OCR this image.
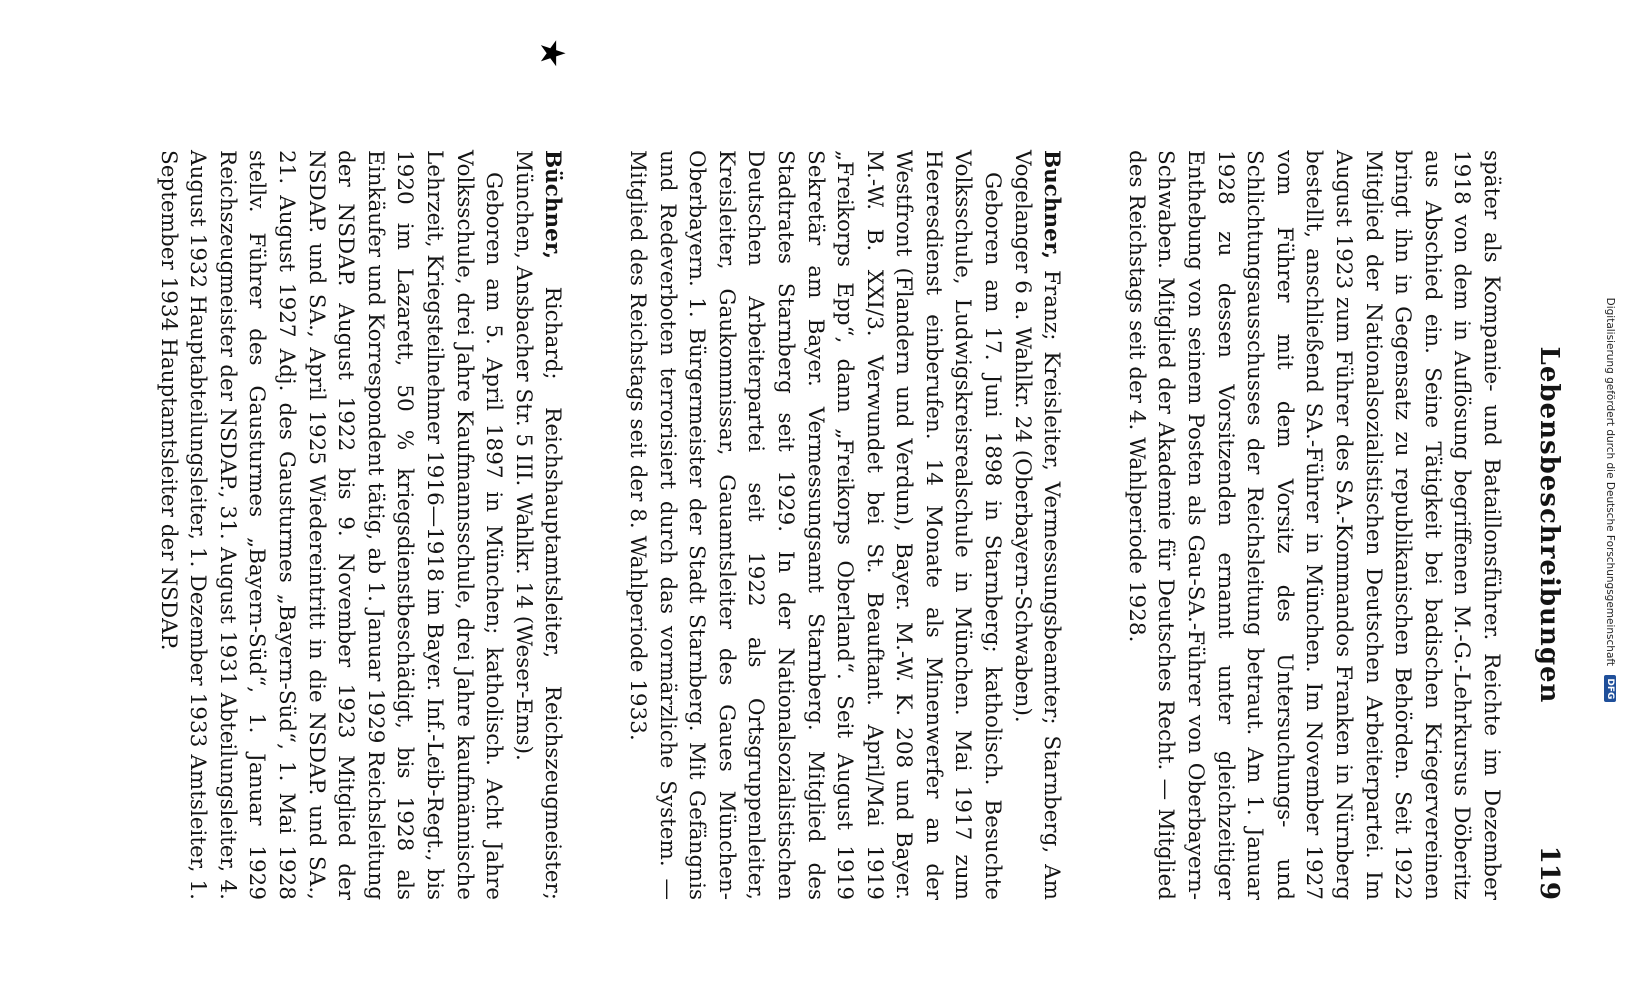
Digitalisierung gefördert durch die Deutsche Forschungsgemeinschaft DFG
Lebensbeschreibungen
119

später als Kompanie- und Bataillonsführer. Reichte im Dezember 1918 von dem in Auflösung begriffenen M.-G.-Lehrkursus Döberitz aus Abschied ein. Seine Tätigkeit bei badischen Kriegervereinen bringt ihn in Gegensatz zu republikanischen Behörden. Seit 1922 Mitglied der Nationalsozialistischen Deutschen Arbeiterpartei. Im August 1923 zum Führer des SA.-Kommandos Franken in Nürnberg bestellt, anschließend SA.-Führer in München. Im November 1927 vom Führer mit dem Vorsitz des Untersuchungs- und Schlichtungsausschusses der Reichsleitung betraut. Am 1. Januar 1928 zu dessen Vorsitzenden ernannt unter gleichzeitiger Enthebung von seinem Posten als Gau-SA.-Führer von Oberbayern-Schwaben. Mitglied der Akademie für Deutsches Recht. — Mitglied des Reichstags seit der 4. Wahlperiode 1928.

Buchner, Franz; Kreisleiter, Vermessungsbeamter; Starnberg, Am Vogelanger 6 a. Wahlkr. 24 (Oberbayern-Schwaben).

Geboren am 17. Juni 1898 in Starnberg; katholisch. Besuchte Volksschule, Ludwigskreisrealschule in München. Mai 1917 zum Heeresdienst einberufen. 14 Monate als Minenwerfer an der Westfront (Flandern und Verdun), Bayer. M.-W. K. 208 und Bayer. M.-W. B. XXI/3. Verwundet bei St. Beauftant. April/Mai 1919 „Freikorps Epp“, dann „Freikorps Oberland“. Seit August 1919 Sekretär am Bayer. Vermessungsamt Starnberg. Mitglied des Stadtrates Starnberg seit 1929. In der Nationalsozialistischen Deutschen Arbeiterpartei seit 1922 als Ortsgruppenleiter, Kreisleiter, Gaukommissar, Gauamtsleiter des Gaues München-Oberbayern. 1. Bürgermeister der Stadt Starnberg. Mit Gefängnis und Redeverboten terrorisiert durch das vormärzliche System. — Mitglied des Reichstags seit der 8. Wahlperiode 1933.

★

Büchner, Richard; Reichshauptamtsleiter, Reichszeugmeister; München, Ansbacher Str. 5 III. Wahlkr. 14 (Weser-Ems).

Geboren am 5. April 1897 in München; katholisch. Acht Jahre Volksschule, drei Jahre Kaufmannsschule, drei Jahre kaufmännische Lehrzeit, Kriegsteilnehmer 1916—1918 im Bayer. Inf.-Leib-Regt., bis 1920 im Lazarett, 50 % kriegsdienstbeschädigt, bis 1928 als Einkäufer und Korrespondent tätig, ab 1. Januar 1929 Reichsleitung der NSDAP. August 1922 bis 9. November 1923 Mitglied der NSDAP. und SA., April 1925 Wiedereintritt in die NSDAP. und SA., 21. August 1927 Adj. des Gausturmes „Bayern-Süd“, 1. Mai 1928 stellv. Führer des Gausturmes „Bayern-Süd“, 1. Januar 1929 Reichszeugmeister der NSDAP., 31. August 1931 Abteilungsleiter, 4. August 1932 Hauptabteilungsleiter, 1. Dezember 1933 Amtsleiter, 1. September 1934 Hauptamtsleiter der NSDAP.
